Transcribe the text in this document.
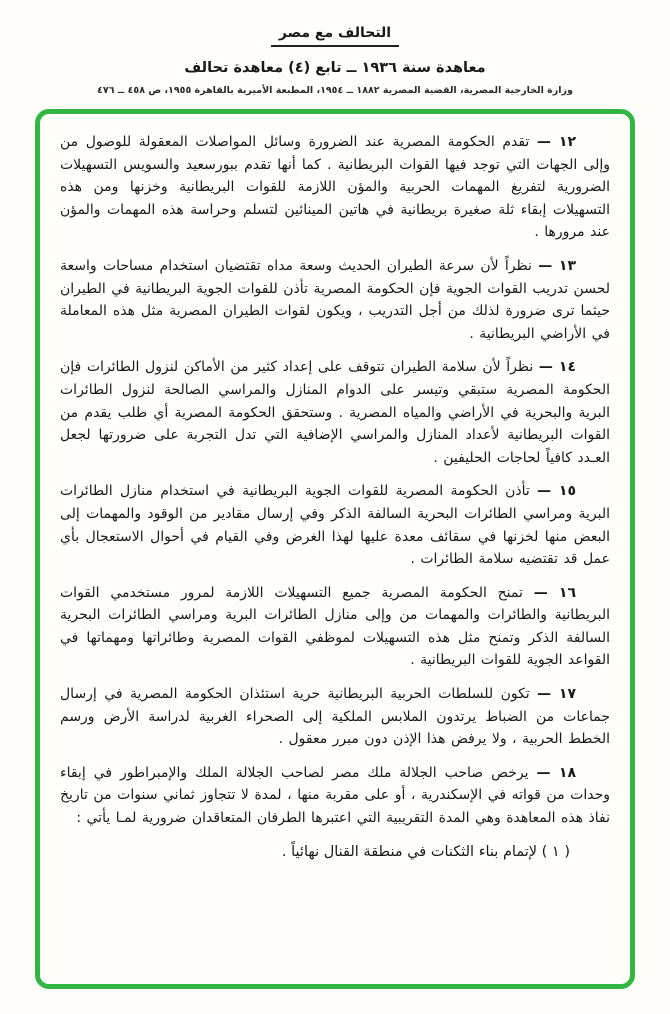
التحالف مع مصر
معاهدة سنة ١٩٣٦ ــ تابع (٤) معاهدة تحالف
وزارة الخارجية المصرية، القضية المصرية ١٨٨٢ ــ ١٩٥٤، المطبعة الأميرية بالقاهرة ١٩٥٥، ص ٤٥٨ ــ ٤٧٦
١٢ — تقدم الحكومة المصرية عند الضرورة وسائل المواصلات المعقولة للوصول من وإلى الجهات التي توجد فيها القوات البريطانية . كما أنها تقدم ببورسعيد والسويس التسهيلات الضرورية لتفريغ المهمات الحربية والمؤن اللازمة للقوات البريطانية وخزنها ومن هذه التسهيلات إبقاء ثلة صغيرة بريطانية في هاتين المينائين لتسلم وحراسة هذه المهمات والمؤن عند مرورها .
١٣ — نظراً لأن سرعة الطيران الحديث وسعة مداه تقتضيان استخدام مساحات واسعة لحسن تدريب القوات الجوية فإن الحكومة المصرية تأذن للقوات الجوية البريطانية في الطيران حيثما ترى ضرورة لذلك من أجل التدريب ، ويكون لقوات الطيران المصرية مثل هذه المعاملة في الأراضي البريطانية .
١٤ — نظراً لأن سلامة الطيران تتوقف على إعداد كثير من الأماكن لنزول الطائرات فإن الحكومة المصرية ستبقي وتيسر على الدوام المنازل والمراسي الصالحة لنزول الطائرات البرية والبحرية في الأراضي والمياه المصرية . وستحقق الحكومة المصرية أي طلب يقدم من القوات البريطانية لأعداد المنازل والمراسي الإضافية التي تدل التجربة على ضرورتها لجعل العـدد كافياً لحاجات الحليفين .
١٥ — تأذن الحكومة المصرية للقوات الجوية البريطانية في استخدام منازل الطائرات البرية ومراسي الطائرات البحرية السالفة الذكر وفي إرسال مقادير من الوقود والمهمات إلى البعض منها لخزنها في سقائف معدة عليها لهذا الغرض وفي القيام في أحوال الاستعجال بأي عمل قد تقتضيه سلامة الطائرات .
١٦ — تمنح الحكومة المصرية جميع التسهيلات اللازمة لمرور مستخدمي القوات البريطانية والطائرات والمهمات من وإلى منازل الطائرات البرية ومراسي الطائرات البحرية السالفة الذكر وتمنح مثل هذه التسهيلات لموظفي القوات المصرية وطائراتها ومهماتها في القواعد الجوية للقوات البريطانية .
١٧ — تكون للسلطات الحربية البريطانية حرية استئذان الحكومة المصرية في إرسال جماعات من الضباط يرتدون الملابس الملكية إلى الصحراء الغربية لدراسة الأرض ورسم الخطط الحربية ، ولا يرفض هذا الإذن دون مبرر معقول .
١٨ — يرخص صاحب الجلالة ملك مصر لصاحب الجلالة الملك والإمبراطور في إبقاء وحدات من قواته في الإسكندرية ، أو على مقربة منها ، لمدة لا تتجاوز ثماني سنوات من تاريخ نفاذ هذه المعاهدة وهي المدة التقريبية التي اعتبرها الطرفان المتعاقدان ضرورية لمـا يأتي :
( ١ ) لإتمام بناء الثكنات في منطقة القنال نهائياً .
